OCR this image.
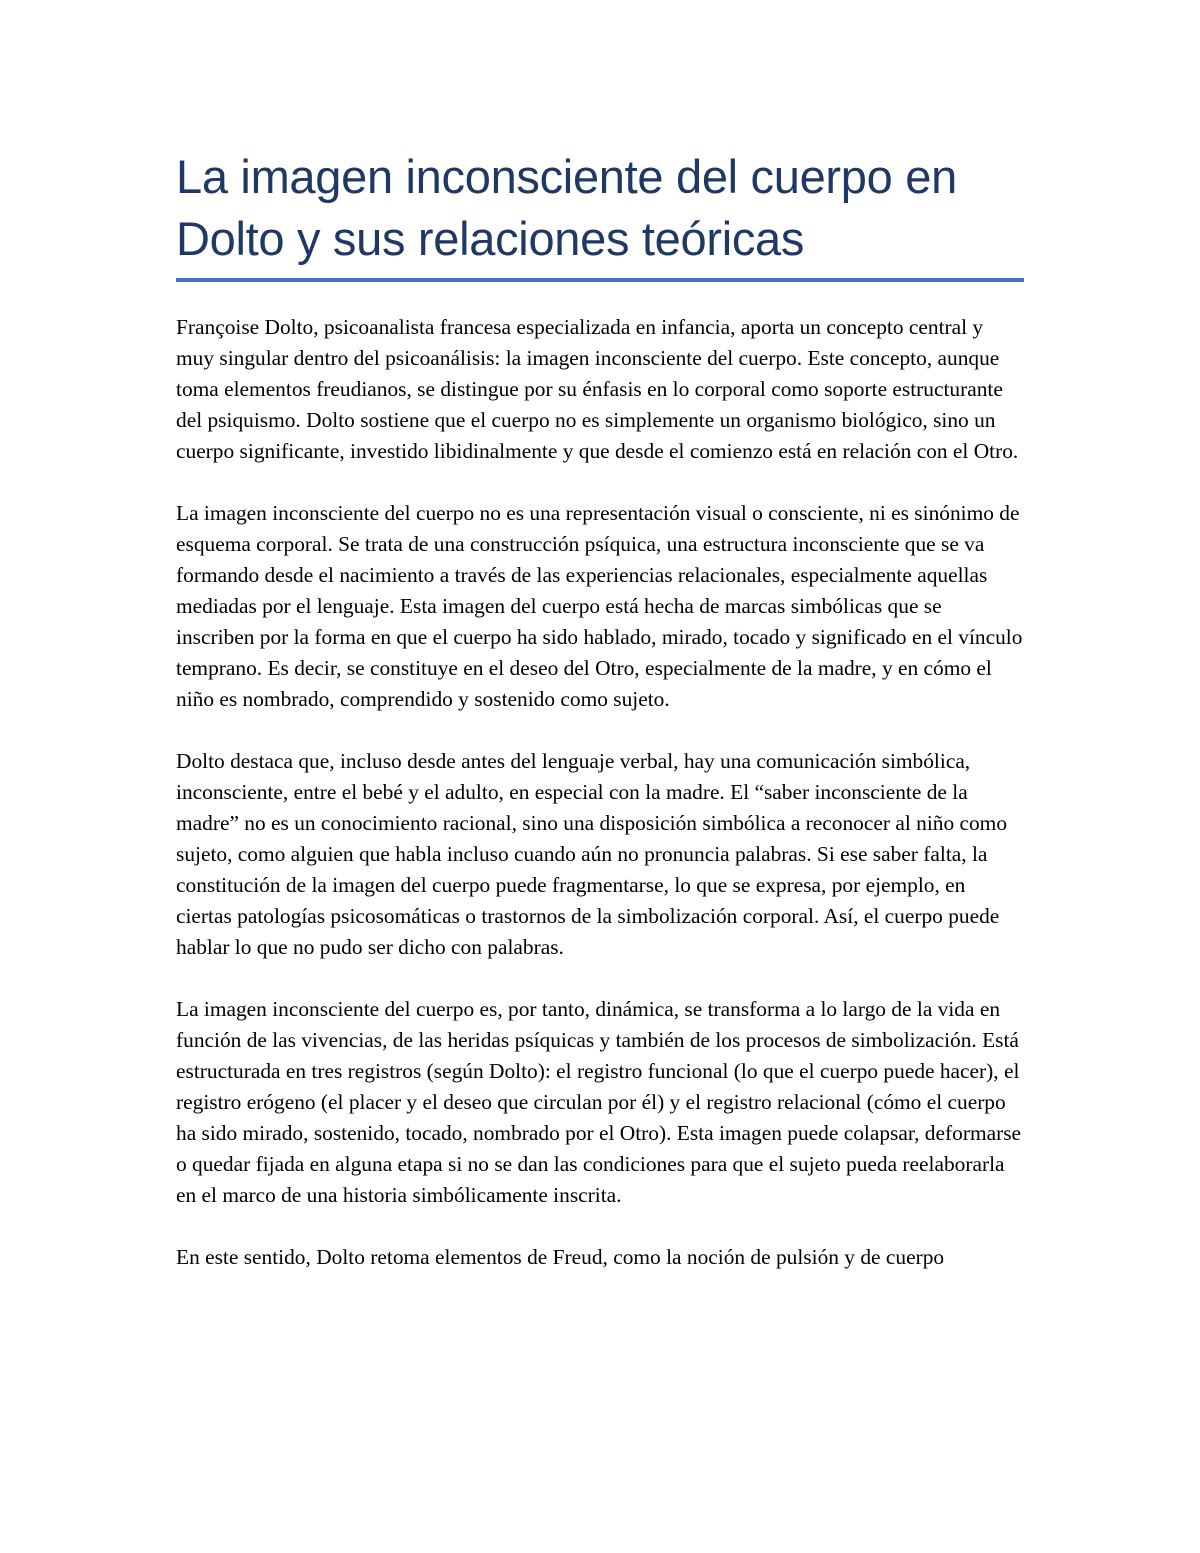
La imagen inconsciente del cuerpo en Dolto y sus relaciones teóricas

Françoise Dolto, psicoanalista francesa especializada en infancia, aporta un concepto central y muy singular dentro del psicoanálisis: la imagen inconsciente del cuerpo. Este concepto, aunque toma elementos freudianos, se distingue por su énfasis en lo corporal como soporte estructurante del psiquismo. Dolto sostiene que el cuerpo no es simplemente un organismo biológico, sino un cuerpo significante, investido libidinalmente y que desde el comienzo está en relación con el Otro.

La imagen inconsciente del cuerpo no es una representación visual o consciente, ni es sinónimo de esquema corporal. Se trata de una construcción psíquica, una estructura inconsciente que se va formando desde el nacimiento a través de las experiencias relacionales, especialmente aquellas mediadas por el lenguaje. Esta imagen del cuerpo está hecha de marcas simbólicas que se inscriben por la forma en que el cuerpo ha sido hablado, mirado, tocado y significado en el vínculo temprano. Es decir, se constituye en el deseo del Otro, especialmente de la madre, y en cómo el niño es nombrado, comprendido y sostenido como sujeto.

Dolto destaca que, incluso desde antes del lenguaje verbal, hay una comunicación simbólica, inconsciente, entre el bebé y el adulto, en especial con la madre. El “saber inconsciente de la madre” no es un conocimiento racional, sino una disposición simbólica a reconocer al niño como sujeto, como alguien que habla incluso cuando aún no pronuncia palabras. Si ese saber falta, la constitución de la imagen del cuerpo puede fragmentarse, lo que se expresa, por ejemplo, en ciertas patologías psicosomáticas o trastornos de la simbolización corporal. Así, el cuerpo puede hablar lo que no pudo ser dicho con palabras.

La imagen inconsciente del cuerpo es, por tanto, dinámica, se transforma a lo largo de la vida en función de las vivencias, de las heridas psíquicas y también de los procesos de simbolización. Está estructurada en tres registros (según Dolto): el registro funcional (lo que el cuerpo puede hacer), el registro erógeno (el placer y el deseo que circulan por él) y el registro relacional (cómo el cuerpo ha sido mirado, sostenido, tocado, nombrado por el Otro). Esta imagen puede colapsar, deformarse o quedar fijada en alguna etapa si no se dan las condiciones para que el sujeto pueda reelaborarla en el marco de una historia simbólicamente inscrita.

En este sentido, Dolto retoma elementos de Freud, como la noción de pulsión y de cuerpo
